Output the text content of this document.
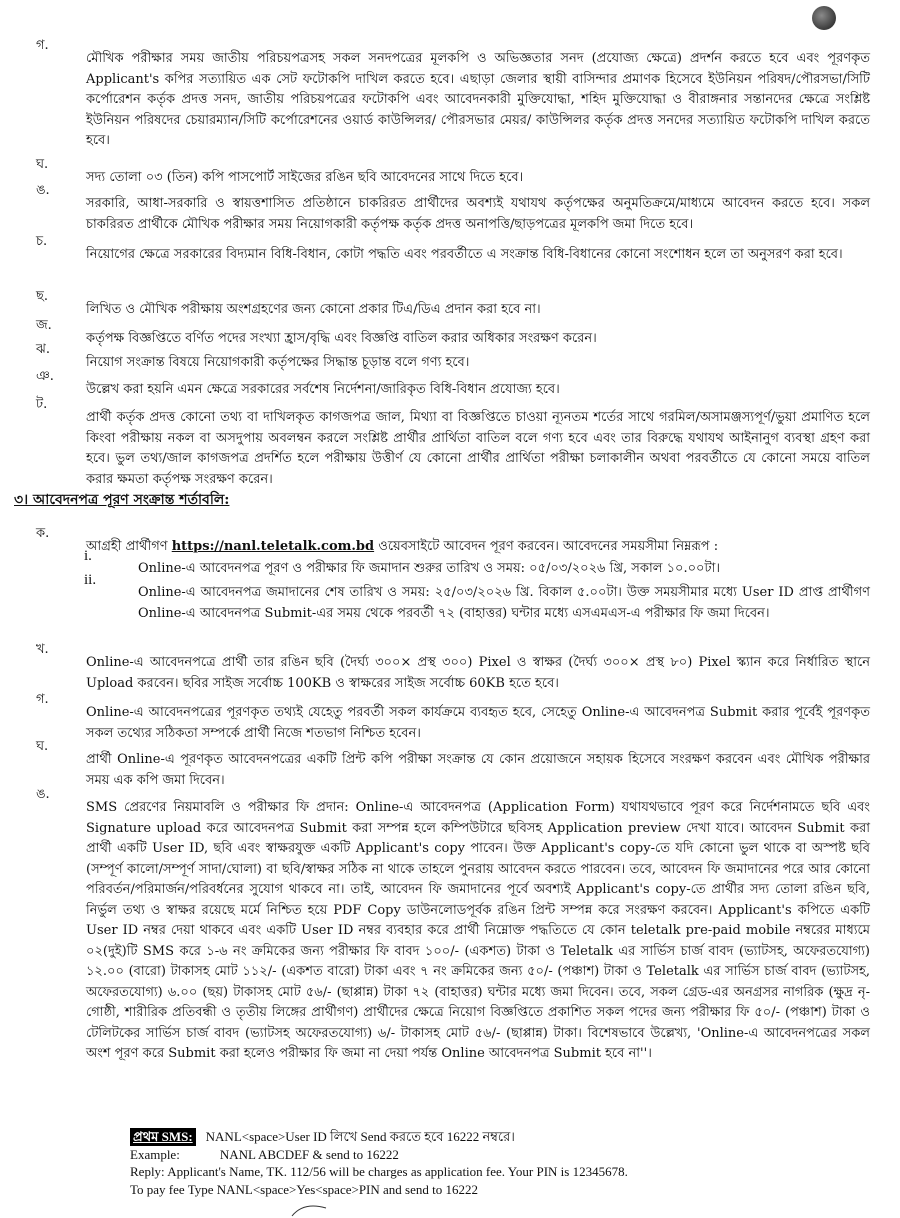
গ.

মৌখিক পরীক্ষার সময় জাতীয় পরিচয়পত্রসহ সকল সনদপত্রের মূলকপি ও অভিজ্ঞতার সনদ (প্রযোজ্য ক্ষেত্রে) প্রদর্শন করতে হবে এবং পূরণকৃত Applicant's কপির সত্যায়িত এক সেট ফটোকপি দাখিল করতে হবে। এছাড়া জেলার স্থায়ী বাসিন্দার প্রমাণক হিসেবে ইউনিয়ন পরিষদ/পৌরসভা/সিটি কর্পোরেশন কর্তৃক প্রদত্ত সনদ, জাতীয় পরিচয়পত্রের ফটোকপি এবং আবেদনকারী মুক্তিযোদ্ধা, শহিদ মুক্তিযোদ্ধা ও বীরাঙ্গনার সন্তানদের ক্ষেত্রে সংশ্লিষ্ট ইউনিয়ন পরিষদের চেয়ারম্যান/সিটি কর্পোরেশনের ওয়ার্ড কাউন্সিলর/ পৌরসভার মেয়র/ কাউন্সিলর কর্তৃক প্রদত্ত সনদের সত্যায়িত ফটোকপি দাখিল করতে হবে।

ঘ.

সদ্য তোলা ০৩ (তিন) কপি পাসপোর্ট সাইজের রঙিন ছবি আবেদনের সাথে দিতে হবে।

ঙ.

সরকারি, আধা-সরকারি ও স্বায়ত্তশাসিত প্রতিষ্ঠানে চাকরিরত প্রার্থীদের অবশ্যই যথাযথ কর্তৃপক্ষের অনুমতিক্রমে/মাধ্যমে আবেদন করতে হবে। সকল চাকরিরত প্রার্থীকে মৌখিক পরীক্ষার সময় নিয়োগকারী কর্তৃপক্ষ কর্তৃক প্রদত্ত অনাপত্তি/ছাড়পত্রের মূলকপি জমা দিতে হবে।

চ.

নিয়োগের ক্ষেত্রে সরকারের বিদ্যমান বিধি-বিধান, কোটা পদ্ধতি এবং পরবর্তীতে এ সংক্রান্ত বিধি-বিধানের কোনো সংশোধন হলে তা অনুসরণ করা হবে।

ছ.

লিখিত ও মৌখিক পরীক্ষায় অংশগ্রহণের জন্য কোনো প্রকার টিএ/ডিএ প্রদান করা হবে না।

জ.

কর্তৃপক্ষ বিজ্ঞপ্তিতে বর্ণিত পদের সংখ্যা হ্রাস/বৃদ্ধি এবং বিজ্ঞপ্তি বাতিল করার অধিকার সংরক্ষণ করেন।

ঝ.

নিয়োগ সংক্রান্ত বিষয়ে নিয়োগকারী কর্তৃপক্ষের সিদ্ধান্ত চূড়ান্ত বলে গণ্য হবে।

ঞ.

উল্লেখ করা হয়নি এমন ক্ষেত্রে সরকারের সর্বশেষ নির্দেশনা/জারিকৃত বিধি-বিধান প্রযোজ্য হবে।

ট.

প্রার্থী কর্তৃক প্রদত্ত কোনো তথ্য বা দাখিলকৃত কাগজপত্র জাল, মিথ্যা বা বিজ্ঞপ্তিতে চাওয়া ন্যূনতম শর্তের সাথে গরমিল/অসামঞ্জস্যপূর্ণ/ভুয়া প্রমাণিত হলে কিংবা পরীক্ষায় নকল বা অসদুপায় অবলম্বন করলে সংশ্লিষ্ট প্রার্থীর প্রার্থিতা বাতিল বলে গণ্য হবে এবং তার বিরুদ্ধে যথাযথ আইনানুগ ব্যবস্থা গ্রহণ করা হবে। ভুল তথ্য/জাল কাগজপত্র প্রদর্শিত হলে পরীক্ষায় উত্তীর্ণ যে কোনো প্রার্থীর প্রার্থিতা পরীক্ষা চলাকালীন অথবা পরবর্তীতে যে কোনো সময়ে বাতিল করার ক্ষমতা কর্তৃপক্ষ সংরক্ষণ করেন।

৩। আবেদনপত্র পূরণ সংক্রান্ত শর্তাবলি:
ক.

আগ্রহী প্রার্থীগণ https://nanl.teletalk.com.bd ওয়েবসাইটে আবেদন পূরণ করবেন। আবেদনের সময়সীমা নিম্নরূপ :

i.

Online-এ আবেদনপত্র পূরণ ও পরীক্ষার ফি জমাদান শুরুর তারিখ ও সময়: ০৫/০৩/২০২৬ খ্রি, সকাল ১০.০০টা।

ii.

Online-এ আবেদনপত্র জমাদানের শেষ তারিখ ও সময়: ২৫/০৩/২০২৬ খ্রি. বিকাল ৫.০০টা। উক্ত সময়সীমার মধ্যে User ID প্রাপ্ত প্রার্থীগণ Online-এ আবেদনপত্র Submit-এর সময় থেকে পরবর্তী ৭২ (বাহাত্তর) ঘন্টার মধ্যে এসএমএস-এ পরীক্ষার ফি জমা দিবেন।

খ.

Online-এ আবেদনপত্রে প্রার্থী তার রঙিন ছবি (দৈর্ঘ্য ৩০০× প্রস্থ ৩০০) Pixel ও স্বাক্ষর (দৈর্ঘ্য ৩০০× প্রস্থ ৮০) Pixel স্ক্যান করে নির্ধারিত স্থানে Upload করবেন। ছবির সাইজ সর্বোচ্চ 100KB ও স্বাক্ষরের সাইজ সর্বোচ্চ 60KB হতে হবে।

গ.

Online-এ আবেদনপত্রের পূরণকৃত তথ্যই যেহেতু পরবর্তী সকল কার্যক্রমে ব্যবহৃত হবে, সেহেতু Online-এ আবেদনপত্র Submit করার পূর্বেই পূরণকৃত সকল তথ্যের সঠিকতা সম্পর্কে প্রার্থী নিজে শতভাগ নিশ্চিত হবেন।

ঘ.

প্রার্থী Online-এ পূরণকৃত আবেদনপত্রের একটি প্রিন্ট কপি পরীক্ষা সংক্রান্ত যে কোন প্রয়োজনে সহায়ক হিসেবে সংরক্ষণ করবেন এবং মৌখিক পরীক্ষার সময় এক কপি জমা দিবেন।

ঙ.

SMS প্রেরণের নিয়মাবলি ও পরীক্ষার ফি প্রদান: Online-এ আবেদনপত্র (Application Form) যথাযথভাবে পূরণ করে নির্দেশনামতে ছবি এবং Signature upload করে আবেদনপত্র Submit করা সম্পন্ন হলে কম্পিউটারে ছবিসহ Application preview দেখা যাবে। আবেদন Submit করা প্রার্থী একটি User ID, ছবি এবং স্বাক্ষরযুক্ত একটি Applicant's copy পাবেন। উক্ত Applicant's copy-তে যদি কোনো ভুল থাকে বা অস্পষ্ট ছবি (সম্পূর্ণ কালো/সম্পূর্ণ সাদা/ঘোলা) বা ছবি/স্বাক্ষর সঠিক না থাকে তাহলে পুনরায় আবেদন করতে পারবেন। তবে, আবেদন ফি জমাদানের পরে আর কোনো পরিবর্তন/পরিমার্জন/পরিবর্ধনের সুযোগ থাকবে না। তাই, আবেদন ফি জমাদানের পূর্বে অবশ্যই Applicant's copy-তে প্রার্থীর সদ্য তোলা রঙিন ছবি, নির্ভুল তথ্য ও স্বাক্ষর রয়েছে মর্মে নিশ্চিত হয়ে PDF Copy ডাউনলোডপূর্বক রঙিন প্রিন্ট সম্পন্ন করে সংরক্ষণ করবেন। Applicant's কপিতে একটি User ID নম্বর দেয়া থাকবে এবং একটি User ID নম্বর ব্যবহার করে প্রার্থী নিম্নোক্ত পদ্ধতিতে যে কোন teletalk pre-paid mobile নম্বরের মাধ্যমে ০২(দুই)টি SMS করে ১-৬ নং ক্রমিকের জন্য পরীক্ষার ফি বাবদ ১০০/- (একশত) টাকা ও Teletalk এর সার্ভিস চার্জ বাবদ (ভ্যাটসহ, অফেরতযোগ্য) ১২.০০ (বারো) টাকাসহ মোট ১১২/- (একশত বারো) টাকা এবং ৭ নং ক্রমিকের জন্য ৫০/- (পঞ্চাশ) টাকা ও Teletalk এর সার্ভিস চার্জ বাবদ (ভ্যাটসহ, অফেরতযোগ্য) ৬.০০ (ছয়) টাকাসহ মোট ৫৬/- (ছাপ্পান্ন) টাকা ৭২ (বাহাত্তর) ঘন্টার মধ্যে জমা দিবেন। তবে, সকল গ্রেড-এর অনগ্রসর নাগরিক (ক্ষুদ্র নৃ-গোষ্ঠী, শারীরিক প্রতিবন্ধী ও তৃতীয় লিঙ্গের প্রার্থীগণ) প্রার্থীদের ক্ষেত্রে নিয়োগ বিজ্ঞপ্তিতে প্রকাশিত সকল পদের জন্য পরীক্ষার ফি ৫০/- (পঞ্চাশ) টাকা ও টেলিটকের সার্ভিস চার্জ বাবদ (ভ্যাটসহ অফেরতযোগ্য) ৬/- টাকাসহ মোট ৫৬/- (ছাপ্পান্ন) টাকা। বিশেষভাবে উল্লেখ্য, 'Online-এ আবেদনপত্রের সকল অংশ পূরণ করে Submit করা হলেও পরীক্ষার ফি জমা না দেয়া পর্যন্ত Online আবেদনপত্র Submit হবে না''।

প্রথম SMS: NANL<space>User ID লিখে Send করতে হবে 16222 নম্বরে।
Example:	NANL ABCDEF & send to 16222
Reply: Applicant's Name, TK. 112/56 will be charges as application fee. Your PIN is 12345678.
To pay fee Type NANL<space>Yes<space>PIN and send to 16222
